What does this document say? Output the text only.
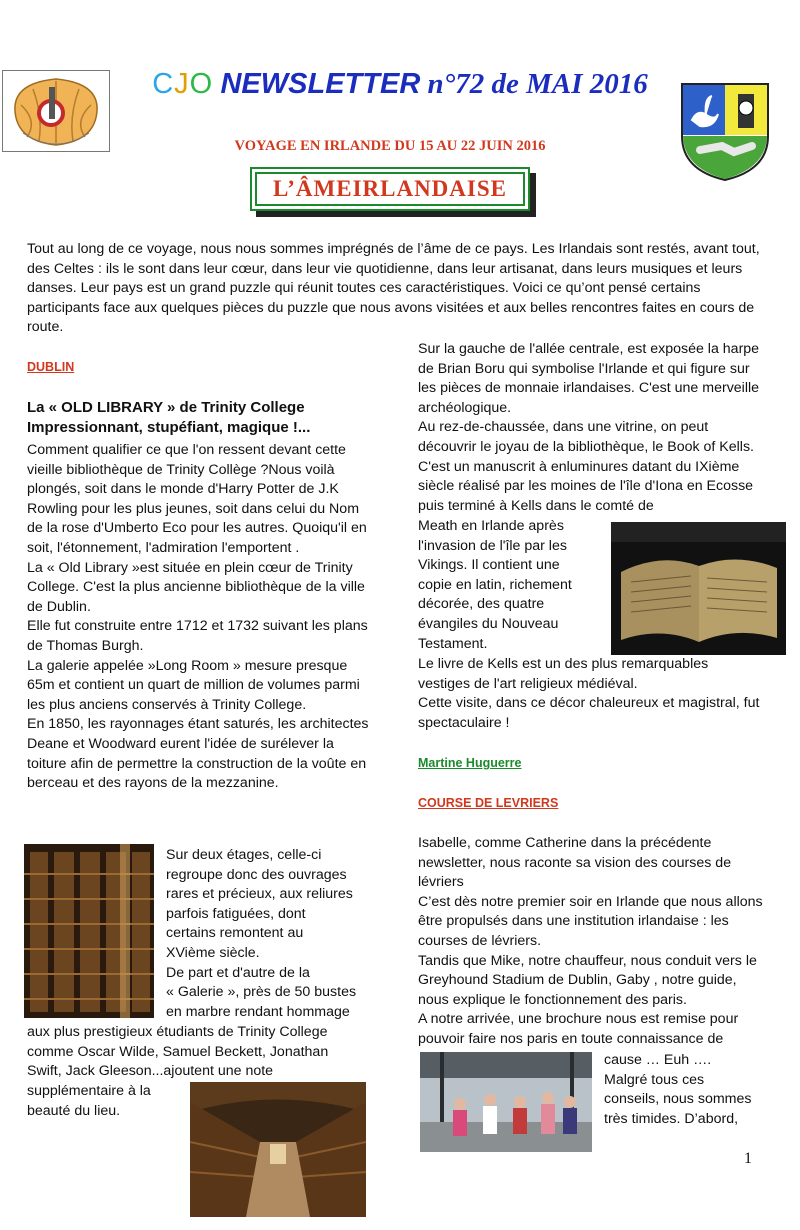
CJO NEWSLETTER n°72 de MAI 2016
VOYAGE EN IRLANDE DU 15 AU 22 JUIN 2016
L’ÂME IRLANDAISE
Tout au long de ce voyage, nous nous sommes imprégnés de l’âme de ce pays. Les Irlandais sont restés, avant tout, des Celtes : ils le sont dans leur cœur, dans leur vie quotidienne, dans leur artisanat, dans leurs musiques et leurs danses. Leur pays est un grand puzzle qui réunit toutes ces caractéristiques. Voici ce qu’ont pensé certains participants face aux quelques pièces du puzzle que nous avons visitées et aux belles rencontres faites en cours de route.
DUBLIN
La « OLD LIBRARY » de Trinity College
Impressionnant, stupéfiant, magique !...
Comment qualifier ce que l'on ressent devant cette vieille bibliothèque de Trinity Collège ?Nous voilà plongés, soit dans le monde d'Harry Potter de J.K Rowling pour les plus jeunes, soit dans celui du Nom de la rose d'Umberto Eco pour les autres. Quoiqu'il en soit, l'étonnement, l'admiration l'emportent .
La « Old Library »est située en plein cœur de Trinity College. C'est la plus ancienne bibliothèque de la ville de Dublin.
Elle fut construite entre 1712 et 1732 suivant les plans de Thomas Burgh.
La galerie appelée »Long Room » mesure presque 65m et contient un quart de million de volumes parmi les plus anciens conservés à Trinity College.
En 1850, les rayonnages étant saturés, les architectes Deane et Woodward eurent l'idée de surélever la toiture afin de permettre la construction de la voûte en berceau et des rayons de la mezzanine.
Sur deux étages, celle-ci
regroupe donc des ouvrages
rares et précieux, aux reliures
parfois fatiguées, dont
certains remontent au
XVième siècle.
De part et d'autre de la
« Galerie », près de 50 bustes
en marbre rendant hommage
aux plus prestigieux étudiants de Trinity College
comme Oscar Wilde, Samuel Beckett, Jonathan
Swift, Jack Gleeson...ajoutent une note
supplémentaire à la
beauté du lieu.
Sur la gauche de l'allée centrale, est exposée la harpe de Brian Boru qui symbolise l'Irlande et qui figure sur les pièces de monnaie irlandaises. C'est une merveille archéologique.
Au rez-de-chaussée, dans une vitrine, on peut découvrir le joyau de la bibliothèque, le Book of Kells. C'est un manuscrit à enluminures datant du IXième siècle réalisé par les moines de l'île d'Iona en Ecosse puis terminé à Kells dans le comté de
Meath en Irlande après
l'invasion de l'île par les
Vikings. Il contient une
copie en latin, richement
décorée, des quatre
évangiles du Nouveau
Testament.
Le livre de Kells est un des plus remarquables vestiges de l'art religieux médiéval.
Cette visite, dans ce décor chaleureux et magistral, fut spectaculaire !
Martine Huguerre
COURSE DE LEVRIERS
Isabelle, comme Catherine dans la précédente newsletter, nous raconte sa vision des courses de lévriers
C’est dès notre premier soir en Irlande que nous allons être propulsés dans une institution irlandaise : les courses de lévriers.
Tandis que Mike, notre chauffeur, nous conduit vers le Greyhound Stadium de Dublin, Gaby , notre guide, nous explique le fonctionnement des paris.
A notre arrivée, une brochure nous est remise pour pouvoir faire nos paris en toute connaissance de
cause … Euh ….
Malgré tous ces
conseils, nous sommes
très timides. D’abord,
1
